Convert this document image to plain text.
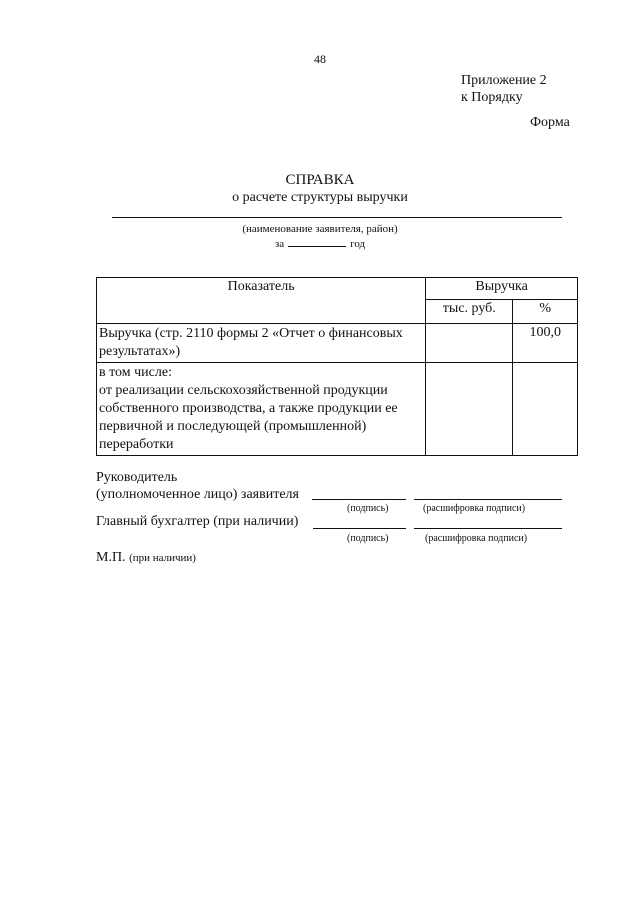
48
Приложение 2
к Порядку
Форма
СПРАВКА
о расчете структуры выручки
(наименование заявителя, район)
за	год
Показатель	Выручка	
	тыс. руб.	%
Выручка (стр. 2110 формы 2 «Отчет о финансовых результатах»)		100,0

в том числе:
от реализации сельскохозяйственной продукции собственного производства, а также продукции ее первичной и последующей (промышленной) переработки		

Руководитель
(уполномоченное лицо) заявителя
(подпись)	(расшифровка подписи)
Главный бухгалтер (при наличии)
(подпись)	(расшифровка подписи)
М.П. (при наличии)
